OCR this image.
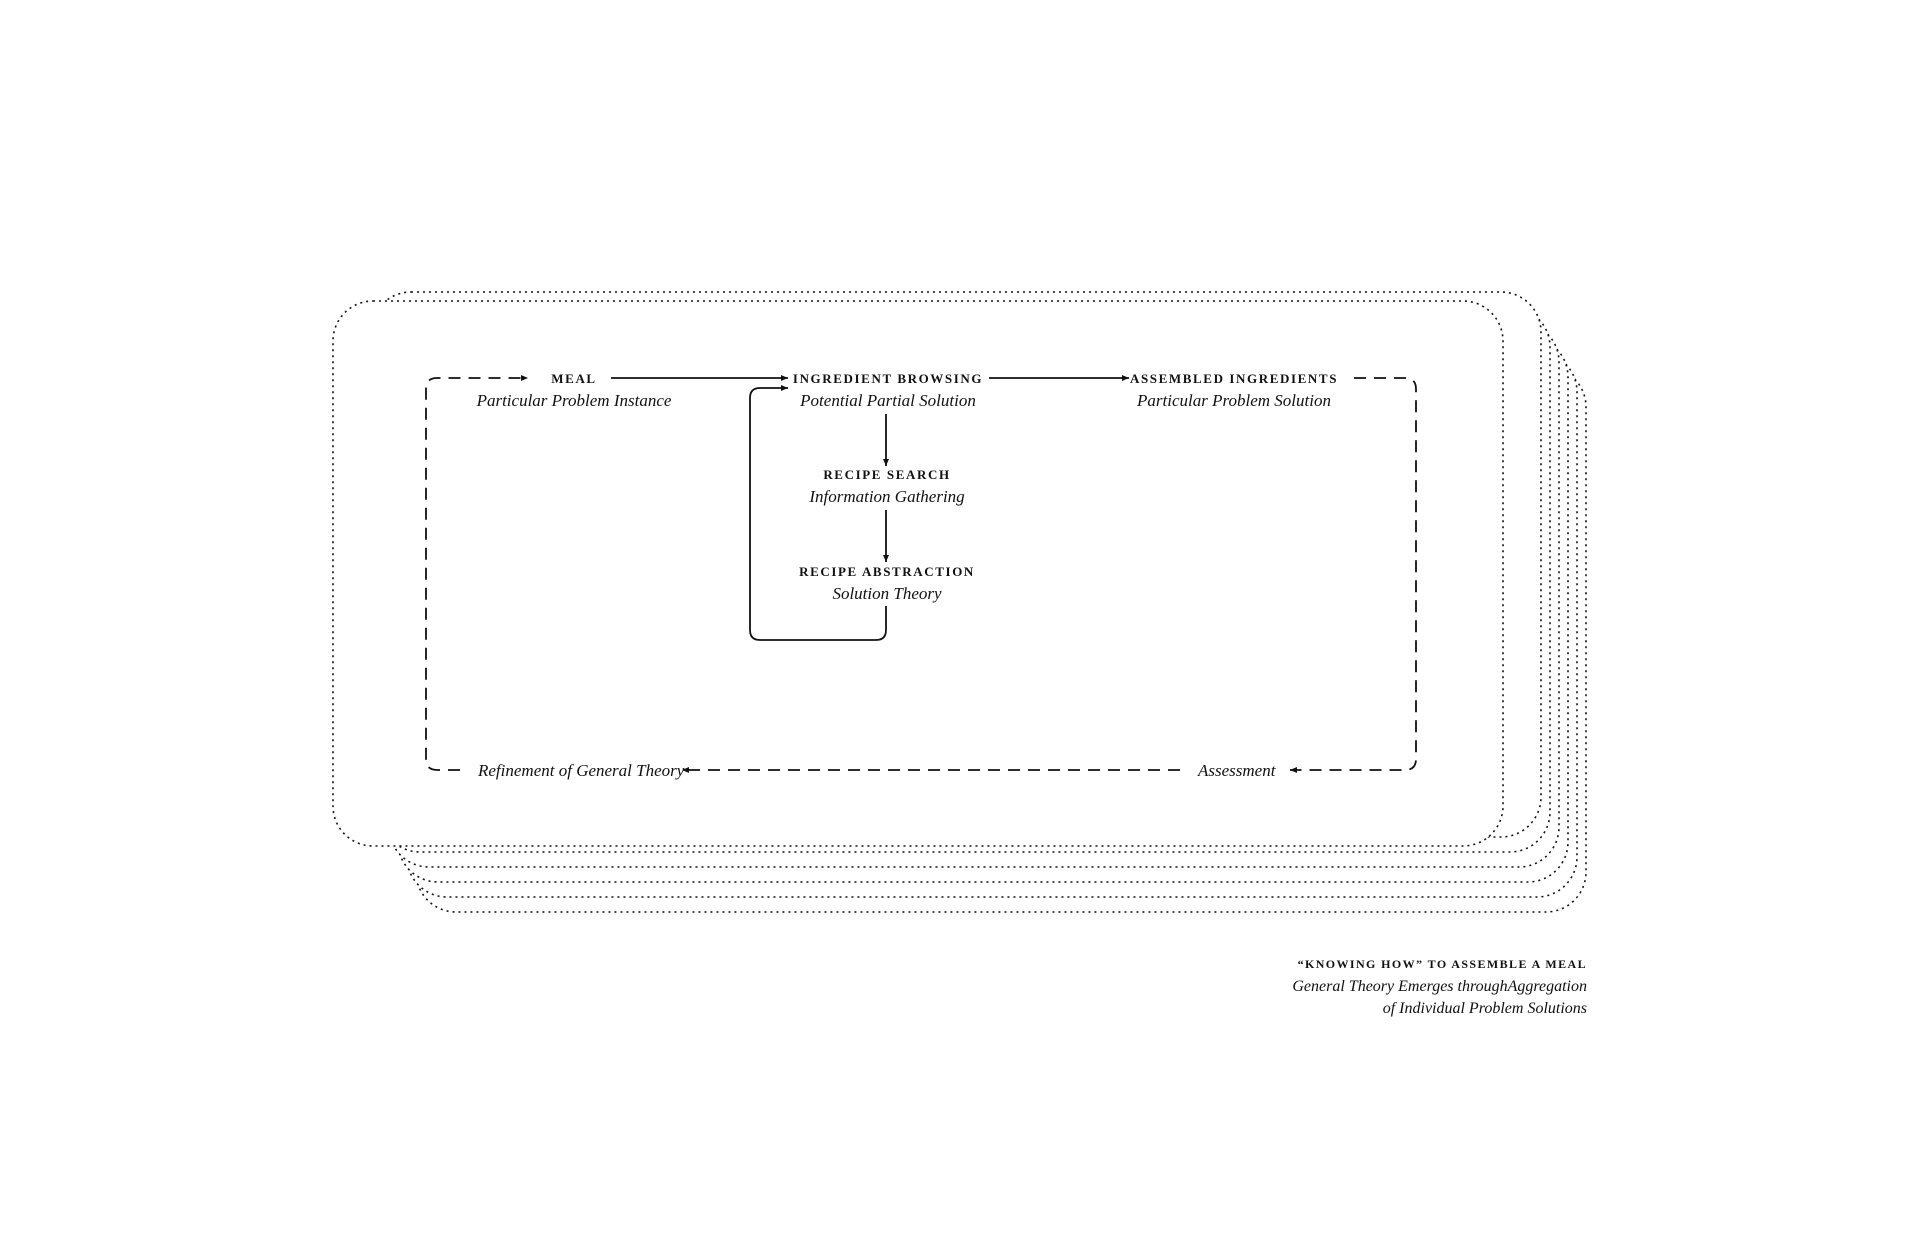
MEAL
Particular Problem Instance
INGREDIENT BROWSING
Potential Partial Solution
ASSEMBLED INGREDIENTS
Particular Problem Solution
RECIPE SEARCH
Information Gathering
RECIPE ABSTRACTION
Solution Theory
Refinement of General Theory	Assessment
“KNOWING HOW” TO ASSEMBLE A MEAL
General Theory Emerges throughAggregation
of Individual Problem Solutions
